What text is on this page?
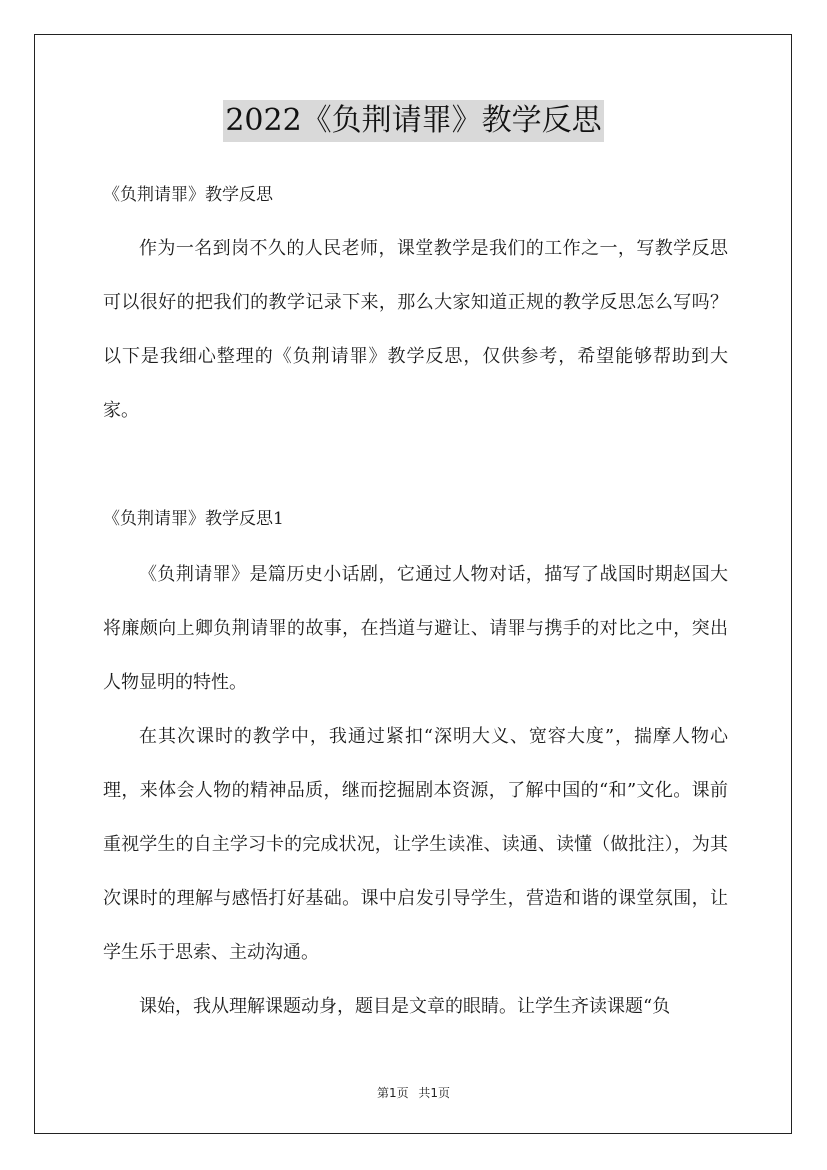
2022《负荆请罪》教学反思

《负荆请罪》教学反思

作为一名到岗不久的人民老师，课堂教学是我们的工作之一，写教学反思可以很好的把我们的教学记录下来，那么大家知道正规的教学反思怎么写吗？以下是我细心整理的《负荆请罪》教学反思，仅供参考，希望能够帮助到大家。

《负荆请罪》教学反思1

《负荆请罪》是篇历史小话剧，它通过人物对话，描写了战国时期赵国大将廉颇向上卿负荆请罪的故事，在挡道与避让、请罪与携手的对比之中，突出人物显明的特性。

在其次课时的教学中，我通过紧扣“深明大义、宽容大度”，揣摩人物心理，来体会人物的精神品质，继而挖掘剧本资源，了解中国的“和”文化。课前重视学生的自主学习卡的完成状况，让学生读准、读通、读懂（做批注），为其次课时的理解与感悟打好基础。课中启发引导学生，营造和谐的课堂氛围，让学生乐于思索、主动沟通。

课始，我从理解课题动身，题目是文章的眼睛。让学生齐读课题“负

第1页 共1页
